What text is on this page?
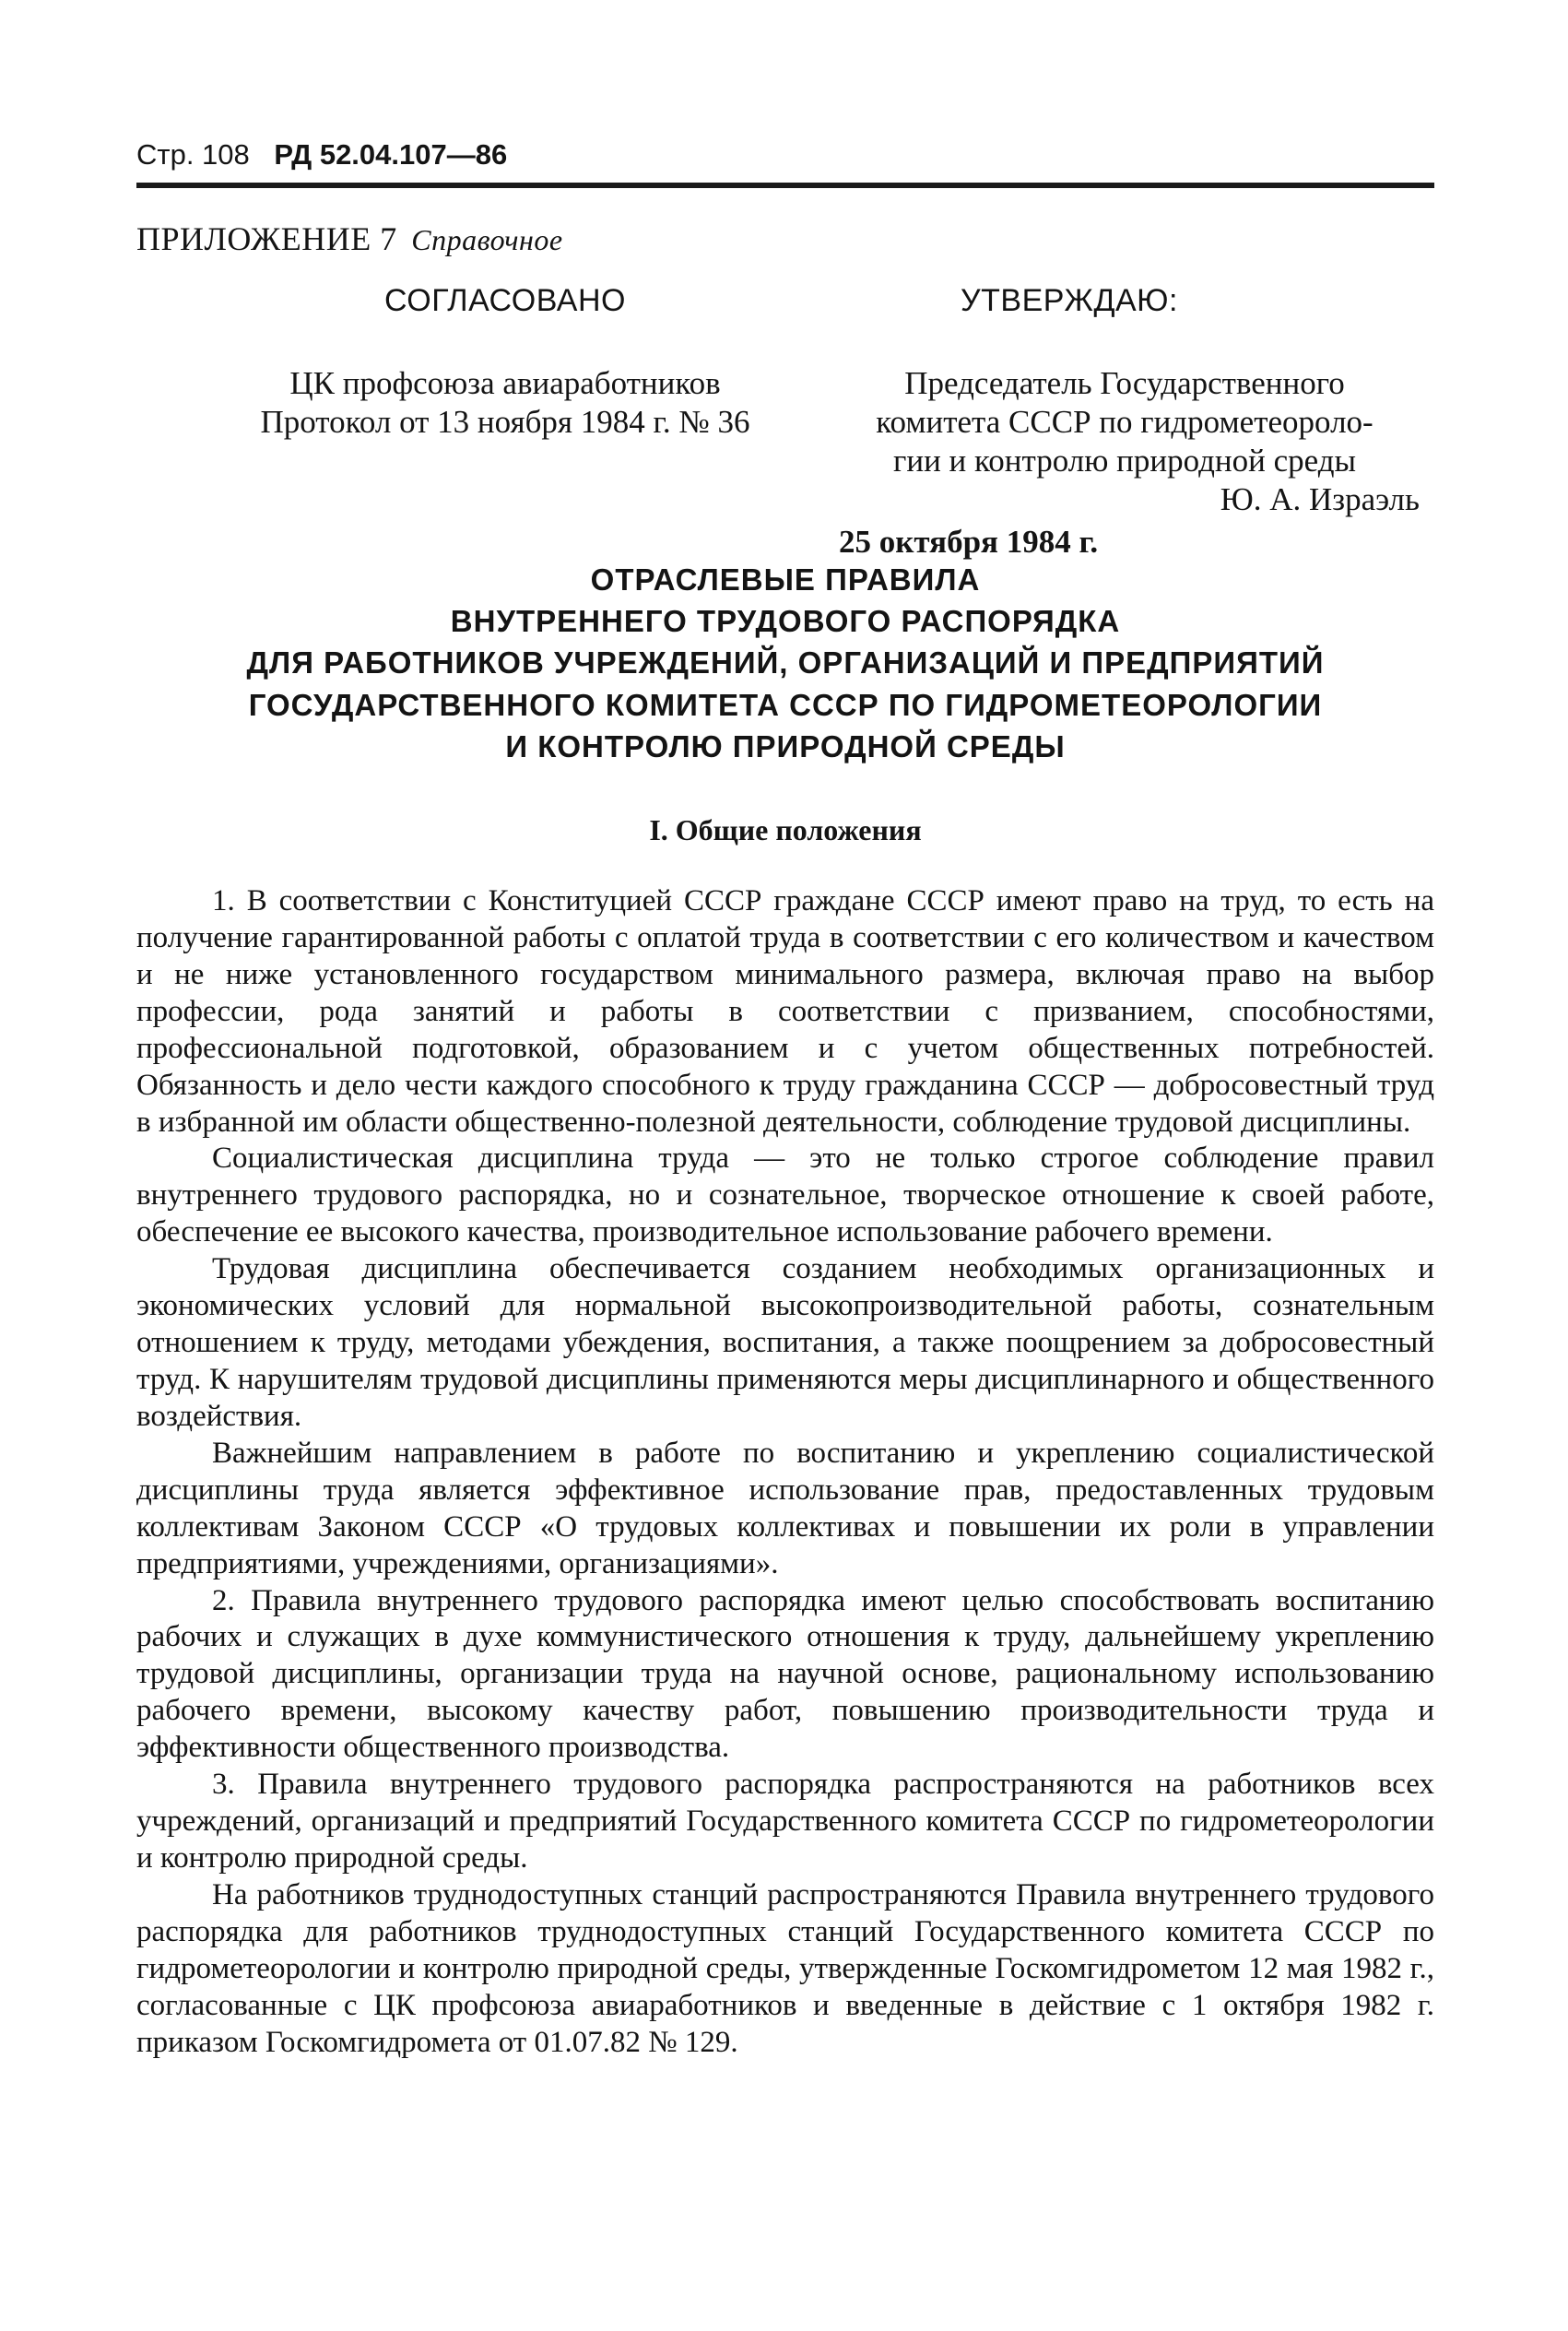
Стр. 108 РД 52.04.107—86
ПРИЛОЖЕНИЕ 7 Справочное
СОГЛАСОВАНО
ЦК профсоюза авиаработников
Протокол от 13 ноября 1984 г. № 36
УТВЕРЖДАЮ:
Председатель Государственного
комитета СССР по гидрометеороло-
гии и контролю природной среды
Ю. А. Израэль
25 октября 1984 г.
ОТРАСЛЕВЫЕ ПРАВИЛА
ВНУТРЕННЕГО ТРУДОВОГО РАСПОРЯДКА
ДЛЯ РАБОТНИКОВ УЧРЕЖДЕНИЙ, ОРГАНИЗАЦИЙ И ПРЕДПРИЯТИЙ
ГОСУДАРСТВЕННОГО КОМИТЕТА СССР ПО ГИДРОМЕТЕОРОЛОГИИ
И КОНТРОЛЮ ПРИРОДНОЙ СРЕДЫ
I. Общие положения

1. В соответствии с Конституцией СССР граждане СССР имеют право на труд, то есть на получение гарантированной работы с оплатой труда в соответствии с его количеством и качеством и не ниже установленного государством минимального размера, включая право на выбор профессии, рода занятий и работы в соответствии с призванием, способностями, профессиональной подготовкой, образованием и с учетом общественных потребностей. Обязанность и дело чести каждого способного к труду гражданина СССР — добросовестный труд в избранной им области общественно-полезной деятельности, соблюдение трудовой дисциплины.

Социалистическая дисциплина труда — это не только строгое соблюдение правил внутреннего трудового распорядка, но и сознательное, творческое отношение к своей работе, обеспечение ее высокого качества, производительное использование рабочего времени.

Трудовая дисциплина обеспечивается созданием необходимых организационных и экономических условий для нормальной высокопроизводительной работы, сознательным отношением к труду, методами убеждения, воспитания, а также поощрением за добросовестный труд. К нарушителям трудовой дисциплины применяются меры дисциплинарного и общественного воздействия.

Важнейшим направлением в работе по воспитанию и укреплению социалистической дисциплины труда является эффективное использование прав, предоставленных трудовым коллективам Законом СССР «О трудовых коллективах и повышении их роли в управлении предприятиями, учреждениями, организациями».

2. Правила внутреннего трудового распорядка имеют целью способствовать воспитанию рабочих и служащих в духе коммунистического отношения к труду, дальнейшему укреплению трудовой дисциплины, организации труда на научной основе, рациональному использованию рабочего времени, высокому качеству работ, повышению производительности труда и эффективности общественного производства.

3. Правила внутреннего трудового распорядка распространяются на работников всех учреждений, организаций и предприятий Государственного комитета СССР по гидрометеорологии и контролю природной среды.

На работников труднодоступных станций распространяются Правила внутреннего трудового распорядка для работников труднодоступных станций Государственного комитета СССР по гидрометеорологии и контролю природной среды, утвержденные Госкомгидрометом 12 мая 1982 г., согласованные с ЦК профсоюза авиаработников и введенные в действие с 1 октября 1982 г. приказом Госкомгидромета от 01.07.82 № 129.
